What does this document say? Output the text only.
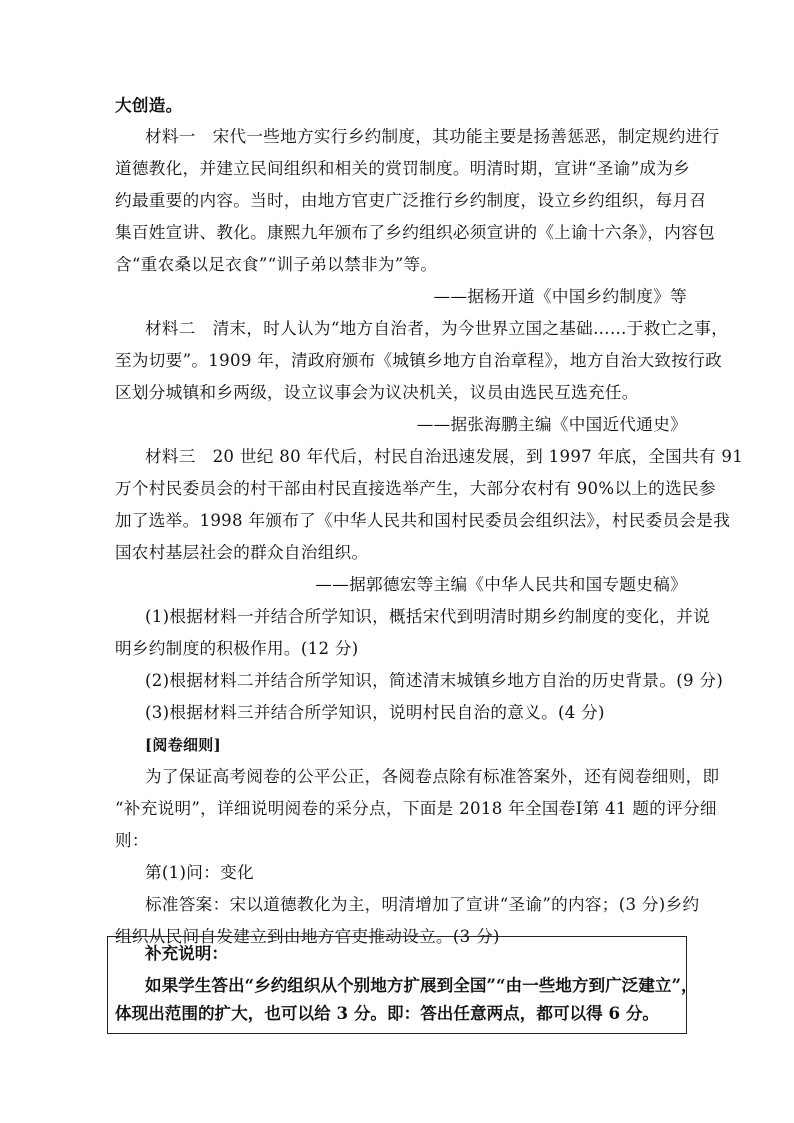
大创造。
材料一　宋代一些地方实行乡约制度，其功能主要是扬善惩恶，制定规约进行
道德教化，并建立民间组织和相关的赏罚制度。明清时期，宣讲“圣谕”成为乡
约最重要的内容。当时，由地方官吏广泛推行乡约制度，设立乡约组织，每月召
集百姓宣讲、教化。康熙九年颁布了乡约组织必须宣讲的《上谕十六条》，内容包
含“重农桑以足衣食”“训子弟以禁非为”等。
——据杨开道《中国乡约制度》等
材料二　清末，时人认为“地方自治者，为今世界立国之基础……于救亡之事，
至为切要”。1909 年，清政府颁布《城镇乡地方自治章程》，地方自治大致按行政
区划分城镇和乡两级，设立议事会为议决机关，议员由选民互选充任。
——据张海鹏主编《中国近代通史》
材料三　20 世纪 80 年代后，村民自治迅速发展，到 1997 年底，全国共有 91
万个村民委员会的村干部由村民直接选举产生，大部分农村有 90%以上的选民参
加了选举。1998 年颁布了《中华人民共和国村民委员会组织法》，村民委员会是我
国农村基层社会的群众自治组织。
——据郭德宏等主编《中华人民共和国专题史稿》
(1)根据材料一并结合所学知识，概括宋代到明清时期乡约制度的变化，并说
明乡约制度的积极作用。(12 分)
(2)根据材料二并结合所学知识，简述清末城镇乡地方自治的历史背景。(9 分)
(3)根据材料三并结合所学知识，说明村民自治的意义。(4 分)
[阅卷细则]
为了保证高考阅卷的公平公正，各阅卷点除有标准答案外，还有阅卷细则，即
“补充说明”，详细说明阅卷的采分点，下面是 2018 年全国卷Ⅰ第 41 题的评分细
则：
第(1)问：变化
标准答案：宋以道德教化为主，明清增加了宣讲“圣谕”的内容；(3 分)乡约
组织从民间自发建立到由地方官吏推动设立。(3 分)
补充说明：
如果学生答出“乡约组织从个别地方扩展到全国”“由一些地方到广泛建立”，
体现出范围的扩大，也可以给 3 分。即：答出任意两点，都可以得 6 分。
